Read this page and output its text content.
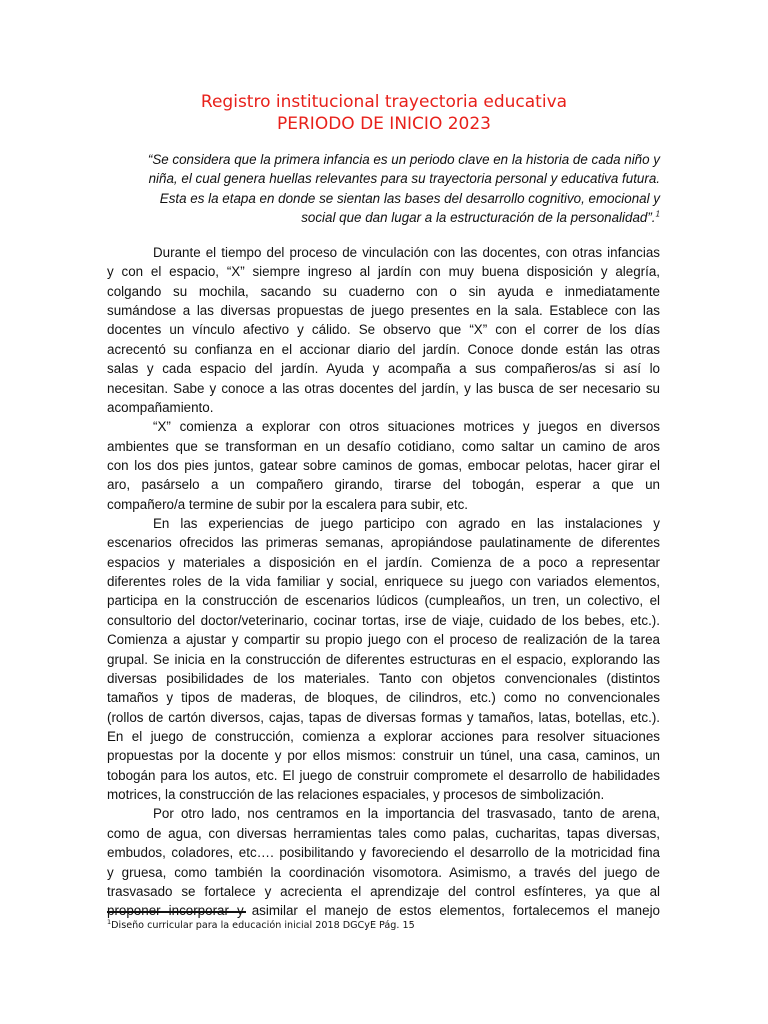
Registro institucional trayectoria educativa
PERIODO DE INICIO 2023
“Se considera que la primera infancia es un periodo clave en la historia de cada niño y
niña, el cual genera huellas relevantes para su trayectoria personal y educativa futura.
Esta es la etapa en donde se sientan las bases del desarrollo cognitivo, emocional y
social que dan lugar a la estructuración de la personalidad”.$^1$
Durante el tiempo del proceso de vinculación con las docentes, con otras infancias
y con el espacio, “X” siempre ingreso al jardín con muy buena disposición y alegría,
colgando su mochila, sacando su cuaderno con o sin ayuda e inmediatamente
sumándose a las diversas propuestas de juego presentes en la sala. Establece con las
docentes un vínculo afectivo y cálido. Se observo que “X” con el correr de los días
acrecentó su confianza en el accionar diario del jardín. Conoce donde están las otras
salas y cada espacio del jardín. Ayuda y acompaña a sus compañeros/as si así lo
necesitan. Sabe y conoce a las otras docentes del jardín, y las busca de ser necesario su
acompañamiento.
“X” comienza a explorar con otros situaciones motrices y juegos en diversos
ambientes que se transforman en un desafío cotidiano, como saltar un camino de aros
con los dos pies juntos, gatear sobre caminos de gomas, embocar pelotas, hacer girar el
aro, pasárselo a un compañero girando, tirarse del tobogán, esperar a que un
compañero/a termine de subir por la escalera para subir, etc.
En las experiencias de juego participo con agrado en las instalaciones y
escenarios ofrecidos las primeras semanas, apropiándose paulatinamente de diferentes
espacios y materiales a disposición en el jardín. Comienza de a poco a representar
diferentes roles de la vida familiar y social, enriquece su juego con variados elementos,
participa en la construcción de escenarios lúdicos (cumpleaños, un tren, un colectivo, el
consultorio del doctor/veterinario, cocinar tortas, irse de viaje, cuidado de los bebes, etc.).
Comienza a ajustar y compartir su propio juego con el proceso de realización de la tarea
grupal. Se inicia en la construcción de diferentes estructuras en el espacio, explorando las
diversas posibilidades de los materiales. Tanto con objetos convencionales (distintos
tamaños y tipos de maderas, de bloques, de cilindros, etc.) como no convencionales
(rollos de cartón diversos, cajas, tapas de diversas formas y tamaños, latas, botellas, etc.).
En el juego de construcción, comienza a explorar acciones para resolver situaciones
propuestas por la docente y por ellos mismos: construir un túnel, una casa, caminos, un
tobogán para los autos, etc. El juego de construir compromete el desarrollo de habilidades
motrices, la construcción de las relaciones espaciales, y procesos de simbolización.
Por otro lado, nos centramos en la importancia del trasvasado, tanto de arena,
como de agua, con diversas herramientas tales como palas, cucharitas, tapas diversas,
embudos, coladores, etc…. posibilitando y favoreciendo el desarrollo de la motricidad fina
y gruesa, como también la coordinación visomotora. Asimismo, a través del juego de
trasvasado se fortalece y acrecienta el aprendizaje del control esfínteres, ya que al
proponer incorporar y asimilar el manejo de estos elementos, fortalecemos el manejo
$^1$Diseño curricular para la educación inicial 2018 DGCyE Pág. 15
